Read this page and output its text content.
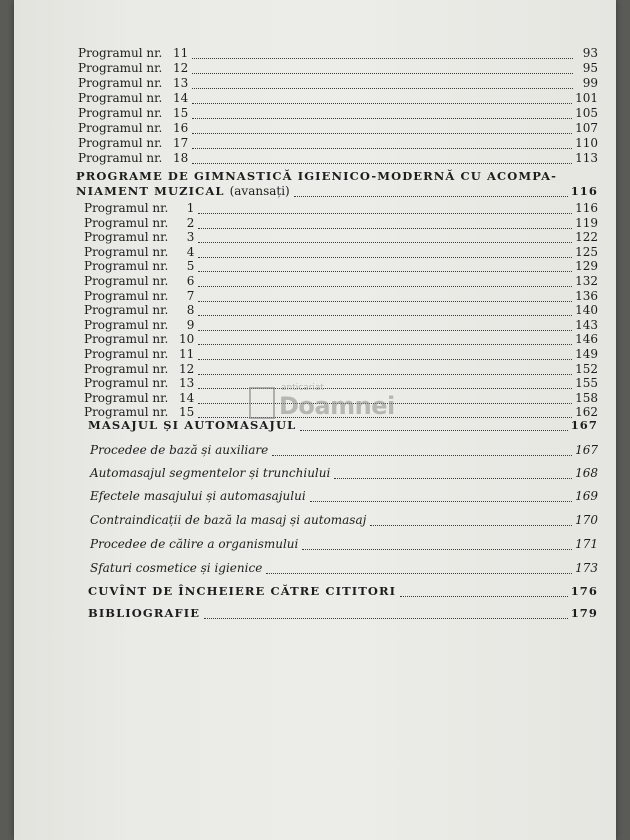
Programul nr. 11	93
Programul nr. 12	95
Programul nr. 13	99
Programul nr. 14	101
Programul nr. 15	105
Programul nr. 16	107
Programul nr. 17	110
Programul nr. 18	113
PROGRAME DE GIMNASTICĂ IGIENICO-MODERNĂ CU ACOMPA-
NIAMENT MUZICAL (avansați)	116
Programul nr.	1	116
Programul nr.	2	119
Programul nr.	3	122
Programul nr.	4	125
Programul nr.	5	129
Programul nr.	6	132
Programul nr.	7	136
Programul nr.	8	140
Programul nr.	9	143
Programul nr. 10	146
Programul nr. 11	149
Programul nr. 12	152
Programul nr. 13	155
Programul nr. 14	158
Programul nr. 15	162
MASAJUL ȘI AUTOMASAJUL	167
Procedee de bază și auxiliare	167
Automasajul segmentelor și trunchiului	168
Efectele masajului și automasajului	169
Contraindicații de bază la masaj și automasaj	170
Procedee de călire a organismului	171
Sfaturi cosmetice și igienice	173
CUVÎNT DE ÎNCHEIERE CĂTRE CITITORI	176
BIBLIOGRAFIE	179
anticariat
Doamnei
